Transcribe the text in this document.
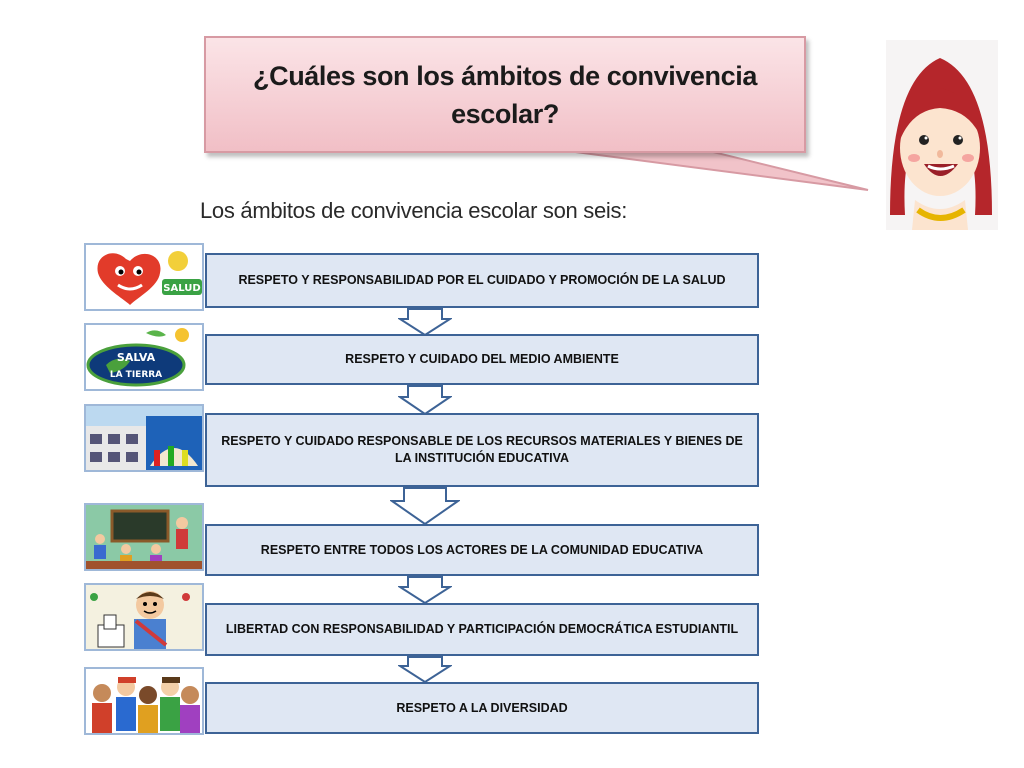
¿Cuáles son los ámbitos de convivencia escolar?

Los ámbitos de convivencia escolar son seis:

SALUD
RESPETO Y RESPONSABILIDAD POR EL CUIDADO Y PROMOCIÓN DE LA SALUD
SALVA
LA TIERRA
RESPETO Y CUIDADO DEL MEDIO AMBIENTE
RESPETO Y CUIDADO RESPONSABLE DE LOS RECURSOS MATERIALES Y BIENES DE LA INSTITUCIÓN EDUCATIVA
RESPETO ENTRE TODOS LOS ACTORES DE LA COMUNIDAD EDUCATIVA
LIBERTAD CON RESPONSABILIDAD Y PARTICIPACIÓN DEMOCRÁTICA ESTUDIANTIL
RESPETO A LA DIVERSIDAD
